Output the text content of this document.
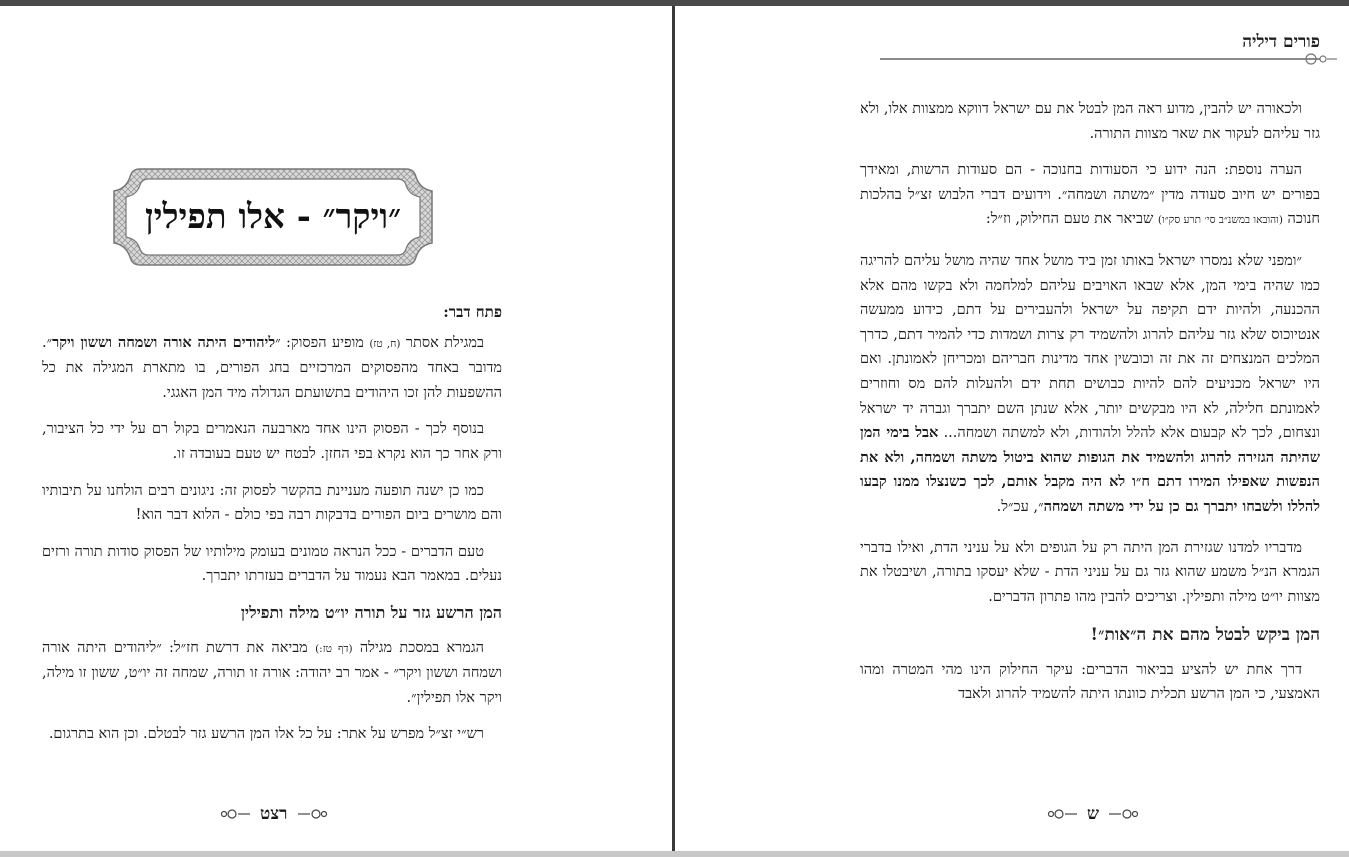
״ויקר״ - אלו תפילין
פתח דבר:

במגילת אסתר (ח, טז) מופיע הפסוק: ״ליהודים היתה אורה ושמחה וששון ויקר״. מדובר באחד מהפסוקים המרכזיים בחג הפורים, בו מתארת המגילה את כל ההשפעות להן זכו היהודים בתשועתם הגדולה מיד המן האגגי.

בנוסף לכך - הפסוק הינו אחד מארבעה הנאמרים בקול רם על ידי כל הציבור, ורק אחר כך הוא נקרא בפי החזן. לבטח יש טעם בעובדה זו.

כמו כן ישנה תופעה מעניינת בהקשר לפסוק זה: ניגונים רבים הולחנו על תיבותיו והם מושרים ביום הפורים בדבקות רבה בפי כולם - הלוא דבר הוא!

טעם הדברים - ככל הנראה טמונים בעומק מילותיו של הפסוק סודות תורה ורזים נעלים. במאמר הבא נעמוד על הדברים בעזרתו יתברך.

המן הרשע גזר על תורה יו״ט מילה ותפילין

הגמרא במסכת מגילה (דף טז:) מביאה את דרשת חז״ל: ״ליהודים היתה אורה ושמחה וששון ויקר״ - אמר רב יהודה: אורה זו תורה, שמחה זה יו״ט, ששון זו מילה, ויקר אלו תפילין״.

רש״י זצ״ל מפרש על אתר: על כל אלו המן הרשע גזר לבטלם. וכן הוא בתרגום.

רצט
פורים דיליה

ולכאורה יש להבין, מדוע ראה המן לבטל את עם ישראל דווקא ממצוות אלו, ולא גזר עליהם לעקור את שאר מצוות התורה.

הערה נוספת: הנה ידוע כי הסעודות בחנוכה - הם סעודות הרשות, ומאידך בפורים יש חיוב סעודה מדין ״משתה ושמחה״. וידועים דברי הלבוש זצ״ל בהלכות חנוכה (והובאו במשנ״ב סי׳ תרע סק״ו) שביאר את טעם החילוק, וז״ל:

״ומפני שלא נמסרו ישראל באותו זמן ביד מושל אחד שהיה מושל עליהם להריגה כמו שהיה בימי המן, אלא שבאו האויבים עליהם למלחמה ולא בקשו מהם אלא ההכנעה, ולהיות ידם תקיפה על ישראל ולהעבירים על דתם, כידוע ממעשה אנטיוכוס שלא גזר עליהם להרוג ולהשמיד רק צרות ושמדות כדי להמיר דתם, כדרך המלכים המנצחים זה את זה וכובשין אחד מדינות חבריהם ומכריחן לאמונתן. ואם היו ישראל מכניעים להם להיות כבושים תחת ידם ולהעלות להם מס וחוזרים לאמונתם חלילה, לא היו מבקשים יותר, אלא שנתן השם יתברך וגברה יד ישראל ונצחום, לכך לא קבעום אלא להלל ולהודות, ולא למשתה ושמחה... אבל בימי המן שהיתה הגזירה להרוג ולהשמיד את הגופות שהוא ביטול משתה ושמחה, ולא את הנפשות שאפילו המירו דתם ח״ו לא היה מקבל אותם, לכך כשנצלו ממנו קבעו להללו ולשבחו יתברך גם כן על ידי משתה ושמחה״, עכ״ל.

מדבריו למדנו שגזירת המן היתה רק על הגופים ולא על עניני הדת, ואילו בדברי הגמרא הנ״ל משמע שהוא גזר גם על עניני הדת - שלא יעסקו בתורה, ושיבטלו את מצוות יו״ט מילה ותפילין. וצריכים להבין מהו פתרון הדברים.

המן ביקש לבטל מהם את ה״אות״!

דרך אחת יש להציע בביאור הדברים: עיקר החילוק הינו מהי המטרה ומהו האמצעי, כי המן הרשע תכלית כוונתו היתה להשמיד להרוג ולאבד

ש
